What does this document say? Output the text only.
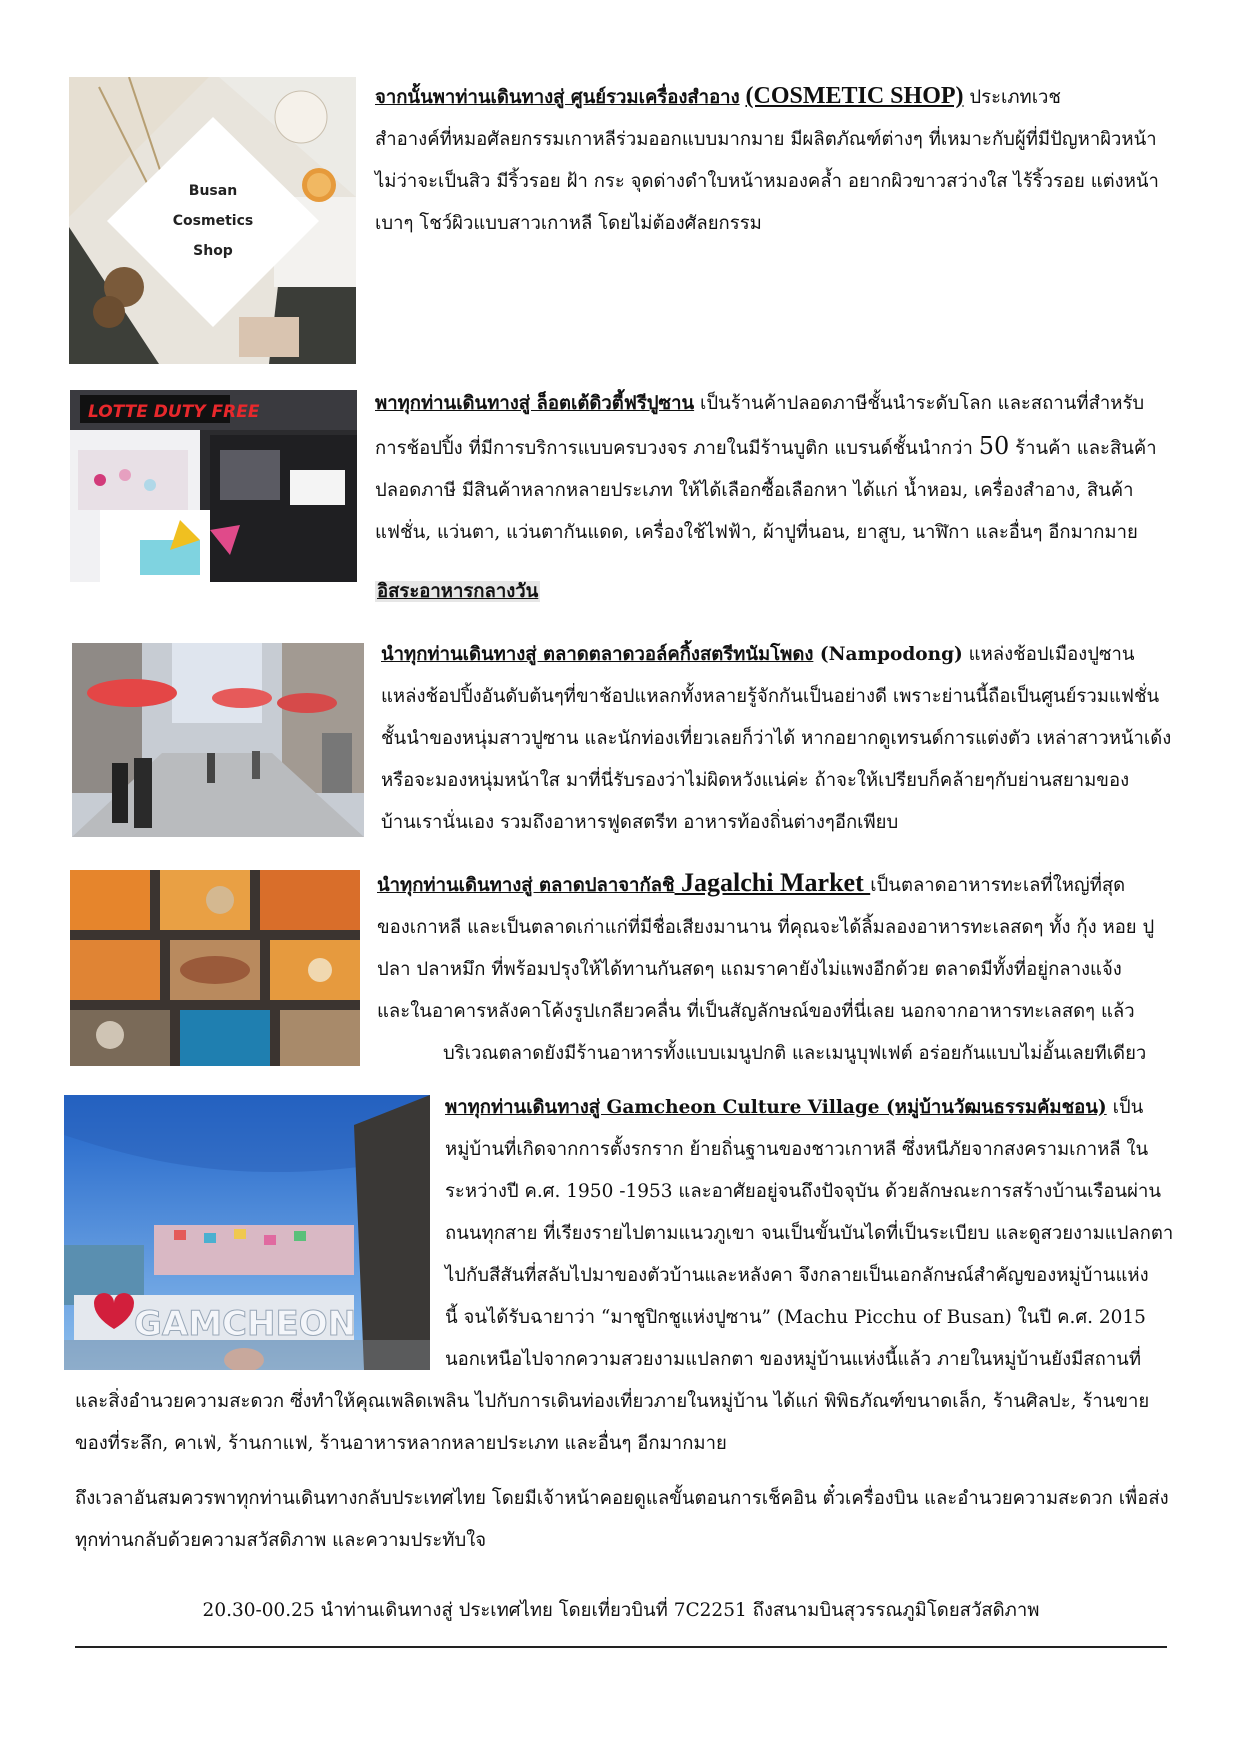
Busan
Cosmetics
Shop
จากนั้นพาท่านเดินทางสู่ ศูนย์รวมเครื่องสำอาง (COSMETIC SHOP) ประเภทเวช
สำอางค์ที่หมอศัลยกรรมเกาหลีร่วมออกแบบมากมาย มีผลิตภัณฑ์ต่างๆ ที่เหมาะกับผู้ที่มีปัญหาผิวหน้า
ไม่ว่าจะเป็นสิว มีริ้วรอย ฝ้า กระ จุดด่างดำใบหน้าหมองคล้ำ อยากผิวขาวสว่างใส ไร้ริ้วรอย แต่งหน้า
เบาๆ โชว์ผิวแบบสาวเกาหลี โดยไม่ต้องศัลยกรรม
LOTTE DUTY FREE	พาทุกท่านเดินทางสู่ ล็อตเต้ดิวตี้ฟรีปูซาน เป็นร้านค้าปลอดภาษีชั้นนำระดับโลก และสถานที่สำหรับ
การช้อปปิ้ง ที่มีการบริการแบบครบวงจร ภายในมีร้านบูติก แบรนด์ชั้นนำกว่า 50 ร้านค้า และสินค้า
ปลอดภาษี มีสินค้าหลากหลายประเภท ให้ได้เลือกซื้อเลือกหา ได้แก่ น้ำหอม, เครื่องสำอาง, สินค้า
แฟชั่น, แว่นตา, แว่นตากันแดด, เครื่องใช้ไฟฟ้า, ผ้าปูที่นอน, ยาสูบ, นาฬิกา และอื่นๆ อีกมากมาย
อิสระอาหารกลางวัน
นำทุกท่านเดินทางสู่ ตลาดตลาดวอล์คกิ้งสตรีทนัมโพดง (Nampodong) แหล่งช้อปเมืองปูซาน
แหล่งช้อปปิ้งอันดับต้นๆที่ขาช้อปแหลกทั้งหลายรู้จักกันเป็นอย่างดี เพราะย่านนี้ถือเป็นศูนย์รวมแฟชั่น
ชั้นนำของหนุ่มสาวปูซาน และนักท่องเที่ยวเลยก็ว่าได้ หากอยากดูเทรนด์การแต่งตัว เหล่าสาวหน้าเด้ง
หรือจะมองหนุ่มหน้าใส มาที่นี่รับรองว่าไม่ผิดหวังแน่ค่ะ ถ้าจะให้เปรียบก็คล้ายๆกับย่านสยามของ
บ้านเรานั่นเอง รวมถึงอาหารฟูดสตรีท อาหารท้องถิ่นต่างๆอีกเพียบ
นำทุกท่านเดินทางสู่ ตลาดปลาจากัลชิ Jagalchi Market เป็นตลาดอาหารทะเลที่ใหญ่ที่สุด
ของเกาหลี และเป็นตลาดเก่าแก่ที่มีชื่อเสียงมานาน ที่คุณจะได้ลิ้มลองอาหารทะเลสดๆ ทั้ง กุ้ง หอย ปู
ปลา ปลาหมึก ที่พร้อมปรุงให้ได้ทานกันสดๆ แถมราคายังไม่แพงอีกด้วย ตลาดมีทั้งที่อยู่กลางแจ้ง
และในอาคารหลังคาโค้งรูปเกลียวคลื่น ที่เป็นสัญลักษณ์ของที่นี่เลย นอกจากอาหารทะเลสดๆ แล้ว
บริเวณตลาดยังมีร้านอาหารทั้งแบบเมนูปกติ และเมนูบุฟเฟต์ อร่อยกันแบบไม่อั้นเลยทีเดียว
GAMCHEON
พาทุกท่านเดินทางสู่ Gamcheon Culture Village (หมู่บ้านวัฒนธรรมคัมชอน) เป็น
หมู่บ้านที่เกิดจากการตั้งรกราก ย้ายถิ่นฐานของชาวเกาหลี ซึ่งหนีภัยจากสงครามเกาหลี ใน
ระหว่างปี ค.ศ. 1950 -1953 และอาศัยอยู่จนถึงปัจจุบัน ด้วยลักษณะการสร้างบ้านเรือนผ่าน
ถนนทุกสาย ที่เรียงรายไปตามแนวภูเขา จนเป็นขั้นบันไดที่เป็นระเบียบ และดูสวยงามแปลกตา
ไปกับสีสันที่สลับไปมาของตัวบ้านและหลังคา จึงกลายเป็นเอกลักษณ์สำคัญของหมู่บ้านแห่ง
นี้ จนได้รับฉายาว่า “มาชูปิกชูแห่งปูซาน” (Machu Picchu of Busan) ในปี ค.ศ. 2015
นอกเหนือไปจากความสวยงามแปลกตา ของหมู่บ้านแห่งนี้แล้ว ภายในหมู่บ้านยังมีสถานที่
และสิ่งอำนวยความสะดวก ซึ่งทำให้คุณเพลิดเพลิน ไปกับการเดินท่องเที่ยวภายในหมู่บ้าน ได้แก่ พิพิธภัณฑ์ขนาดเล็ก, ร้านศิลปะ, ร้านขาย
ของที่ระลึก, คาเฟ่, ร้านกาแฟ, ร้านอาหารหลากหลายประเภท และอื่นๆ อีกมากมาย
ถึงเวลาอันสมควรพาทุกท่านเดินทางกลับประเทศไทย โดยมีเจ้าหน้าคอยดูแลขั้นตอนการเช็คอิน ตั๋วเครื่องบิน และอำนวยความสะดวก เพื่อส่ง
ทุกท่านกลับด้วยความสวัสดิภาพ และความประทับใจ
20.30-00.25 นำท่านเดินทางสู่ ประเทศไทย โดยเที่ยวบินที่ 7C2251 ถึงสนามบินสุวรรณภูมิโดยสวัสดิภาพ
